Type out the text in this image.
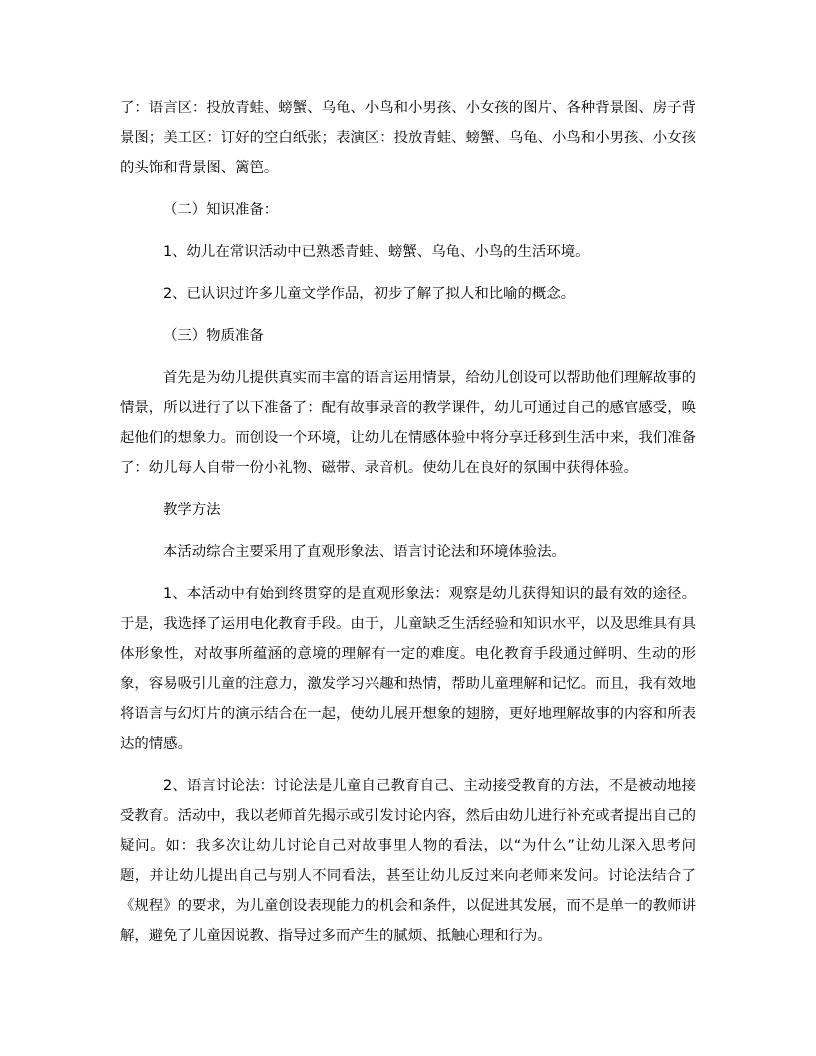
了：语言区：投放青蛙、螃蟹、乌龟、小鸟和小男孩、小女孩的图片、各种背景图、房子背景图；美工区：订好的空白纸张；表演区：投放青蛙、螃蟹、乌龟、小鸟和小男孩、小女孩的头饰和背景图、篱笆。

（二）知识准备：

1、幼儿在常识活动中已熟悉青蛙、螃蟹、乌龟、小鸟的生活环境。

2、已认识过许多儿童文学作品，初步了解了拟人和比喻的概念。

（三）物质准备

首先是为幼儿提供真实而丰富的语言运用情景，给幼儿创设可以帮助他们理解故事的情景，所以进行了以下准备了：配有故事录音的教学课件，幼儿可通过自己的感官感受，唤起他们的想象力。而创设一个环境，让幼儿在情感体验中将分享迁移到生活中来，我们准备了：幼儿每人自带一份小礼物、磁带、录音机。使幼儿在良好的氛围中获得体验。

教学方法

本活动综合主要采用了直观形象法、语言讨论法和环境体验法。

1、本活动中有始到终贯穿的是直观形象法：观察是幼儿获得知识的最有效的途径。于是，我选择了运用电化教育手段。由于，儿童缺乏生活经验和知识水平，以及思维具有具体形象性，对故事所蕴涵的意境的理解有一定的难度。电化教育手段通过鲜明、生动的形象，容易吸引儿童的注意力，激发学习兴趣和热情，帮助儿童理解和记忆。而且，我有效地将语言与幻灯片的演示结合在一起，使幼儿展开想象的翅膀，更好地理解故事的内容和所表达的情感。

2、语言讨论法：讨论法是儿童自己教育自己、主动接受教育的方法，不是被动地接受教育。活动中，我以老师首先揭示或引发讨论内容，然后由幼儿进行补充或者提出自己的疑问。如：我多次让幼儿讨论自己对故事里人物的看法，以“为什么”让幼儿深入思考问题，并让幼儿提出自己与别人不同看法，甚至让幼儿反过来向老师来发问。讨论法结合了《规程》的要求，为儿童创设表现能力的机会和条件，以促进其发展，而不是单一的教师讲解，避免了儿童因说教、指导过多而产生的腻烦、抵触心理和行为。
